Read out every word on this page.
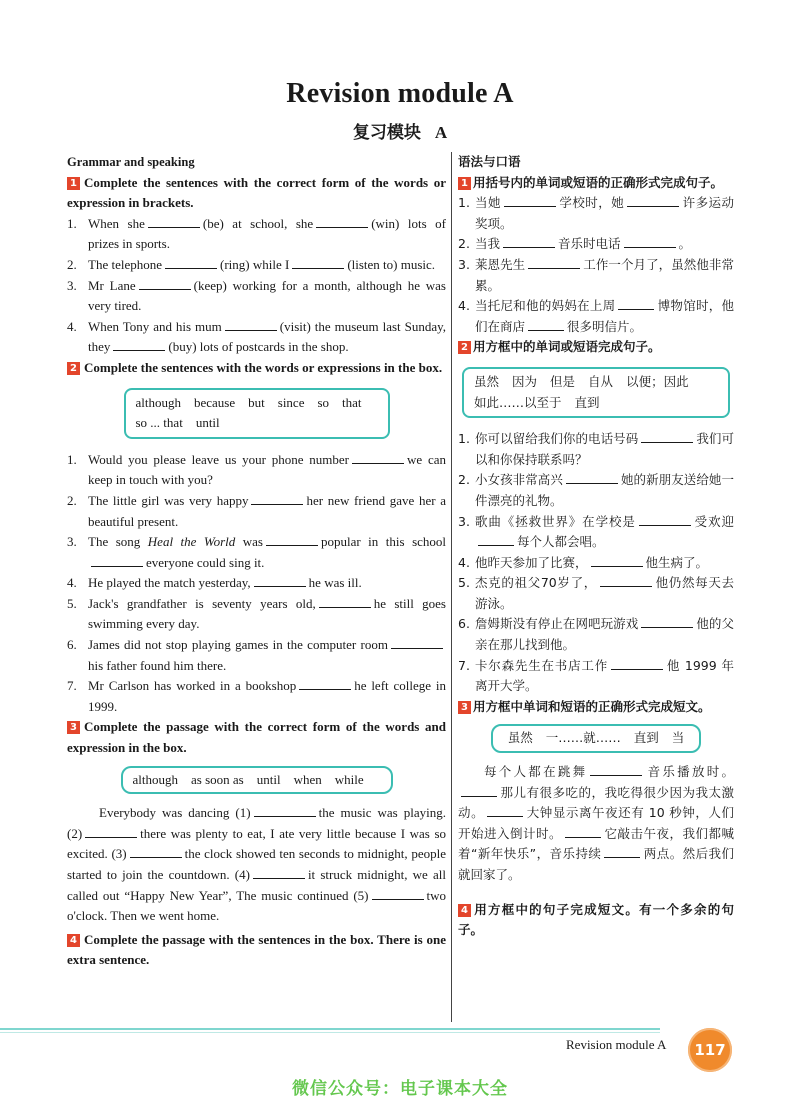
Revision module A
复习模块 A
Grammar and speaking
1 Complete the sentences with the correct form of the words or expression in brackets.
1. When she	(be) at school, she	(win) lots of prizes in sports.
2. The telephone	(ring) while I	(listen to) music.
3. Mr Lane	(keep) working for a month, although he was very tired.
4. When Tony and his mum	(visit) the museum last Sunday, they	(buy) lots of postcards in the shop.
2 Complete the sentences with the words or expressions in the box.
although because but since so that
so ... that until
1. Would you please leave us your phone number	we can keep in touch with you?
2. The little girl was very happy	her new friend gave her a beautiful present.
3. The song Heal the World was	popular in this schooleveryone could sing it.
4. He played the match yesterday,	he was ill.
5. Jack's grandfather is seventy years old,	he still goes swimming every day.
6. James did not stop playing games in the computer roomhis father found him there.
7. Mr Carlson has worked in a bookshop	he left college in 1999.
3 Complete the passage with the correct form of the words and expression in the box.
although as soon as until when while
Everybody was dancing (1)	the music was playing. (2)	there was plenty to eat, I ate very little because I was so excited. (3)	the clock showed ten seconds to midnight, people started to join the countdown. (4)	it struck midnight, we all called out “Happy New Year”, The music continued (5)	two o'clock. Then we went home.
4 Complete the passage with the sentences in the box. There is one extra sentence.
语法与口语
1 用括号内的单词或短语的正确形式完成句子。
1. 当她	学校时，她	许多运动奖项。
2. 当我	音乐时电话	。
3. 莱恩先生	工作一个月了，虽然他非常累。
4. 当托尼和他的妈妈在上周	博物馆时，他们在商店	很多明信片。
2 用方框中的单词或短语完成句子。
虽然 因为 但是 自从 以便；因此
如此……以至于 直到
1. 你可以留给我们你的电话号码	我们可以和你保持联系吗？
2. 小女孩非常高兴	她的新朋友送给她一件漂亮的礼物。
3. 歌曲《拯救世界》在学校是	受欢迎每个人都会唱。
4. 他昨天参加了比赛，	他生病了。
5. 杰克的祖父70岁了，	他仍然每天去游泳。
6. 詹姆斯没有停止在网吧玩游戏	他的父亲在那儿找到他。
7. 卡尔森先生在书店工作	他 1999 年离开大学。
3 用方框中单词和短语的正确形式完成短文。
虽然 一……就…… 直到 当
每个人都在跳舞	音乐播放时。那儿有很多吃的，我吃得很少因为我太激动。	大钟显示离午夜还有 10 秒钟，人们开始进入倒计时。	它敲击午夜，我们都喊着“新年快乐”，音乐持续	两点。然后我们就回家了。
4 用方框中的句子完成短文。有一个多余的句子。
Revision module A	117
微信公众号：电子课本大全
